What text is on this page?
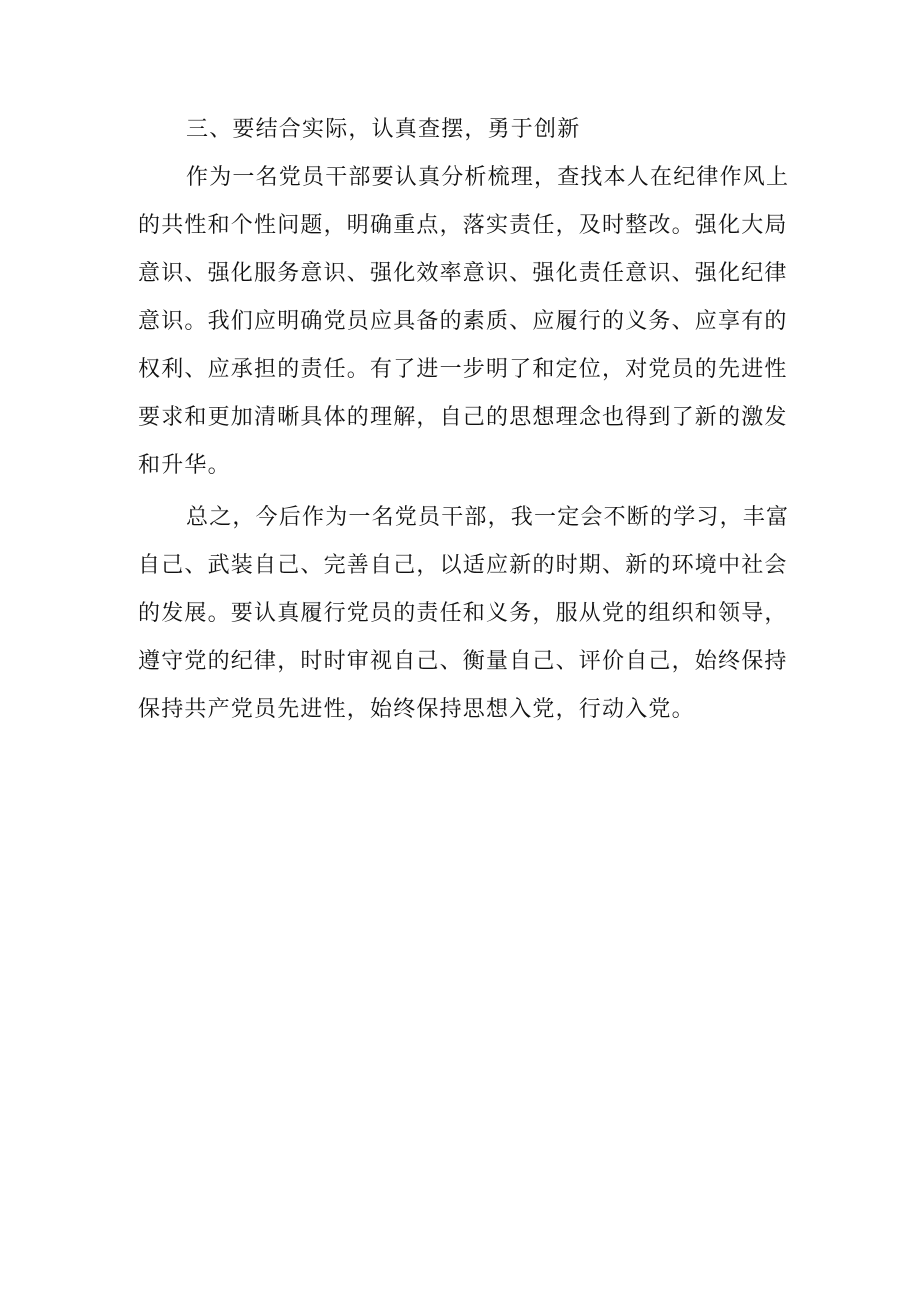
三、要结合实际，认真查摆，勇于创新
作为一名党员干部要认真分析梳理，查找本人在纪律作风上
的共性和个性问题，明确重点，落实责任，及时整改。强化大局
意识、强化服务意识、强化效率意识、强化责任意识、强化纪律
意识。我们应明确党员应具备的素质、应履行的义务、应享有的
权利、应承担的责任。有了进一步明了和定位，对党员的先进性
要求和更加清晰具体的理解，自己的思想理念也得到了新的激发
和升华。
总之，今后作为一名党员干部，我一定会不断的学习，丰富
自己、武装自己、完善自己，以适应新的时期、新的环境中社会
的发展。要认真履行党员的责任和义务，服从党的组织和领导，
遵守党的纪律，时时审视自己、衡量自己、评价自己，始终保持
保持共产党员先进性，始终保持思想入党，行动入党。
